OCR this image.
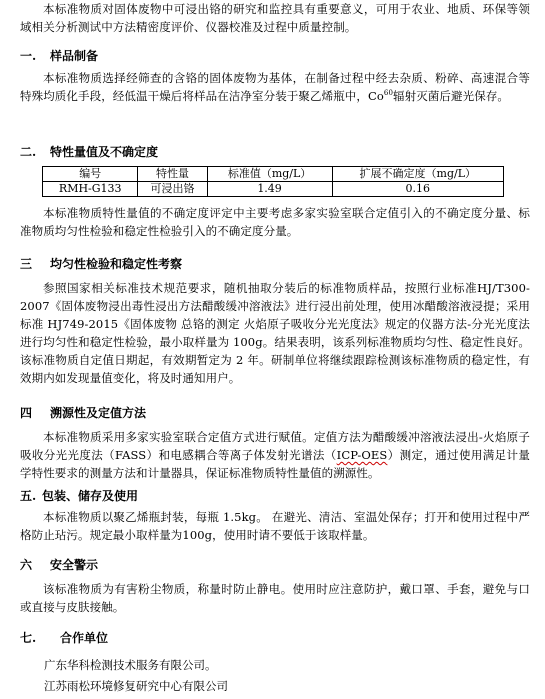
本标准物质对固体废物中可浸出铬的研究和监控具有重要意义，可用于农业、地质、环保等领域相关分析测试中方法精密度评价、仪器校准及过程中质量控制。

一. 样品制备

本标准物质选择经筛查的含铬的固体废物为基体，在制备过程中经去杂质、粉碎、高速混合等特殊均质化手段，经低温干燥后将样品在洁净室分装于聚乙烯瓶中，Co$^{60}$辐射灭菌后避光保存。

二. 特性量值及不确定度
编号	特性量	标准值（mg/L）	扩展不确定度（mg/L）
RMH-G133	可浸出铬	1.49	0.16

本标准物质特性量值的不确定度评定中主要考虑多家实验室联合定值引入的不确定度分量、标准物质均匀性检验和稳定性检验引入的不确定度分量。

三 均匀性检验和稳定性考察

参照国家相关标准技术规范要求，随机抽取分装后的标准物质样品，按照行业标准HJ/T300-2007《固体废物浸出毒性浸出方法醋酸缓冲溶液法》进行浸出前处理，使用冰醋酸溶液浸提；采用标准 HJ749-2015《固体废物 总铬的测定 火焰原子吸收分光光度法》规定的仪器方法-分光光度法进行均匀性和稳定性检验，最小取样量为 100g。结果表明，该系列标准物质均匀性、稳定性良好。该标准物质自定值日期起，有效期暂定为 2 年。研制单位将继续跟踪检测该标准物质的稳定性，有效期内如发现量值变化，将及时通知用户。

四 溯源性及定值方法

本标准物质采用多家实验室联合定值方式进行赋值。定值方法为醋酸缓冲溶液法浸出-火焰原子吸收分光光度法（FASS）和电感耦合等离子体发射光谱法（ICP-OES）测定，通过使用满足计量学特性要求的测量方法和计量器具，保证标准物质特性量值的溯源性。

五. 包装、储存及使用

本标准物质以聚乙烯瓶封装，每瓶 1.5kg。 在避光、清洁、室温处保存；打开和使用过程中严格防止玷污。规定最小取样量为100g，使用时请不要低于该取样量。

六 安全警示

该标准物质为有害粉尘物质，称量时防止静电。使用时应注意防护，戴口罩、手套，避免与口或直接与皮肤接触。

七. 合作单位

广东华科检测技术服务有限公司。

江苏雨松环境修复研究中心有限公司
